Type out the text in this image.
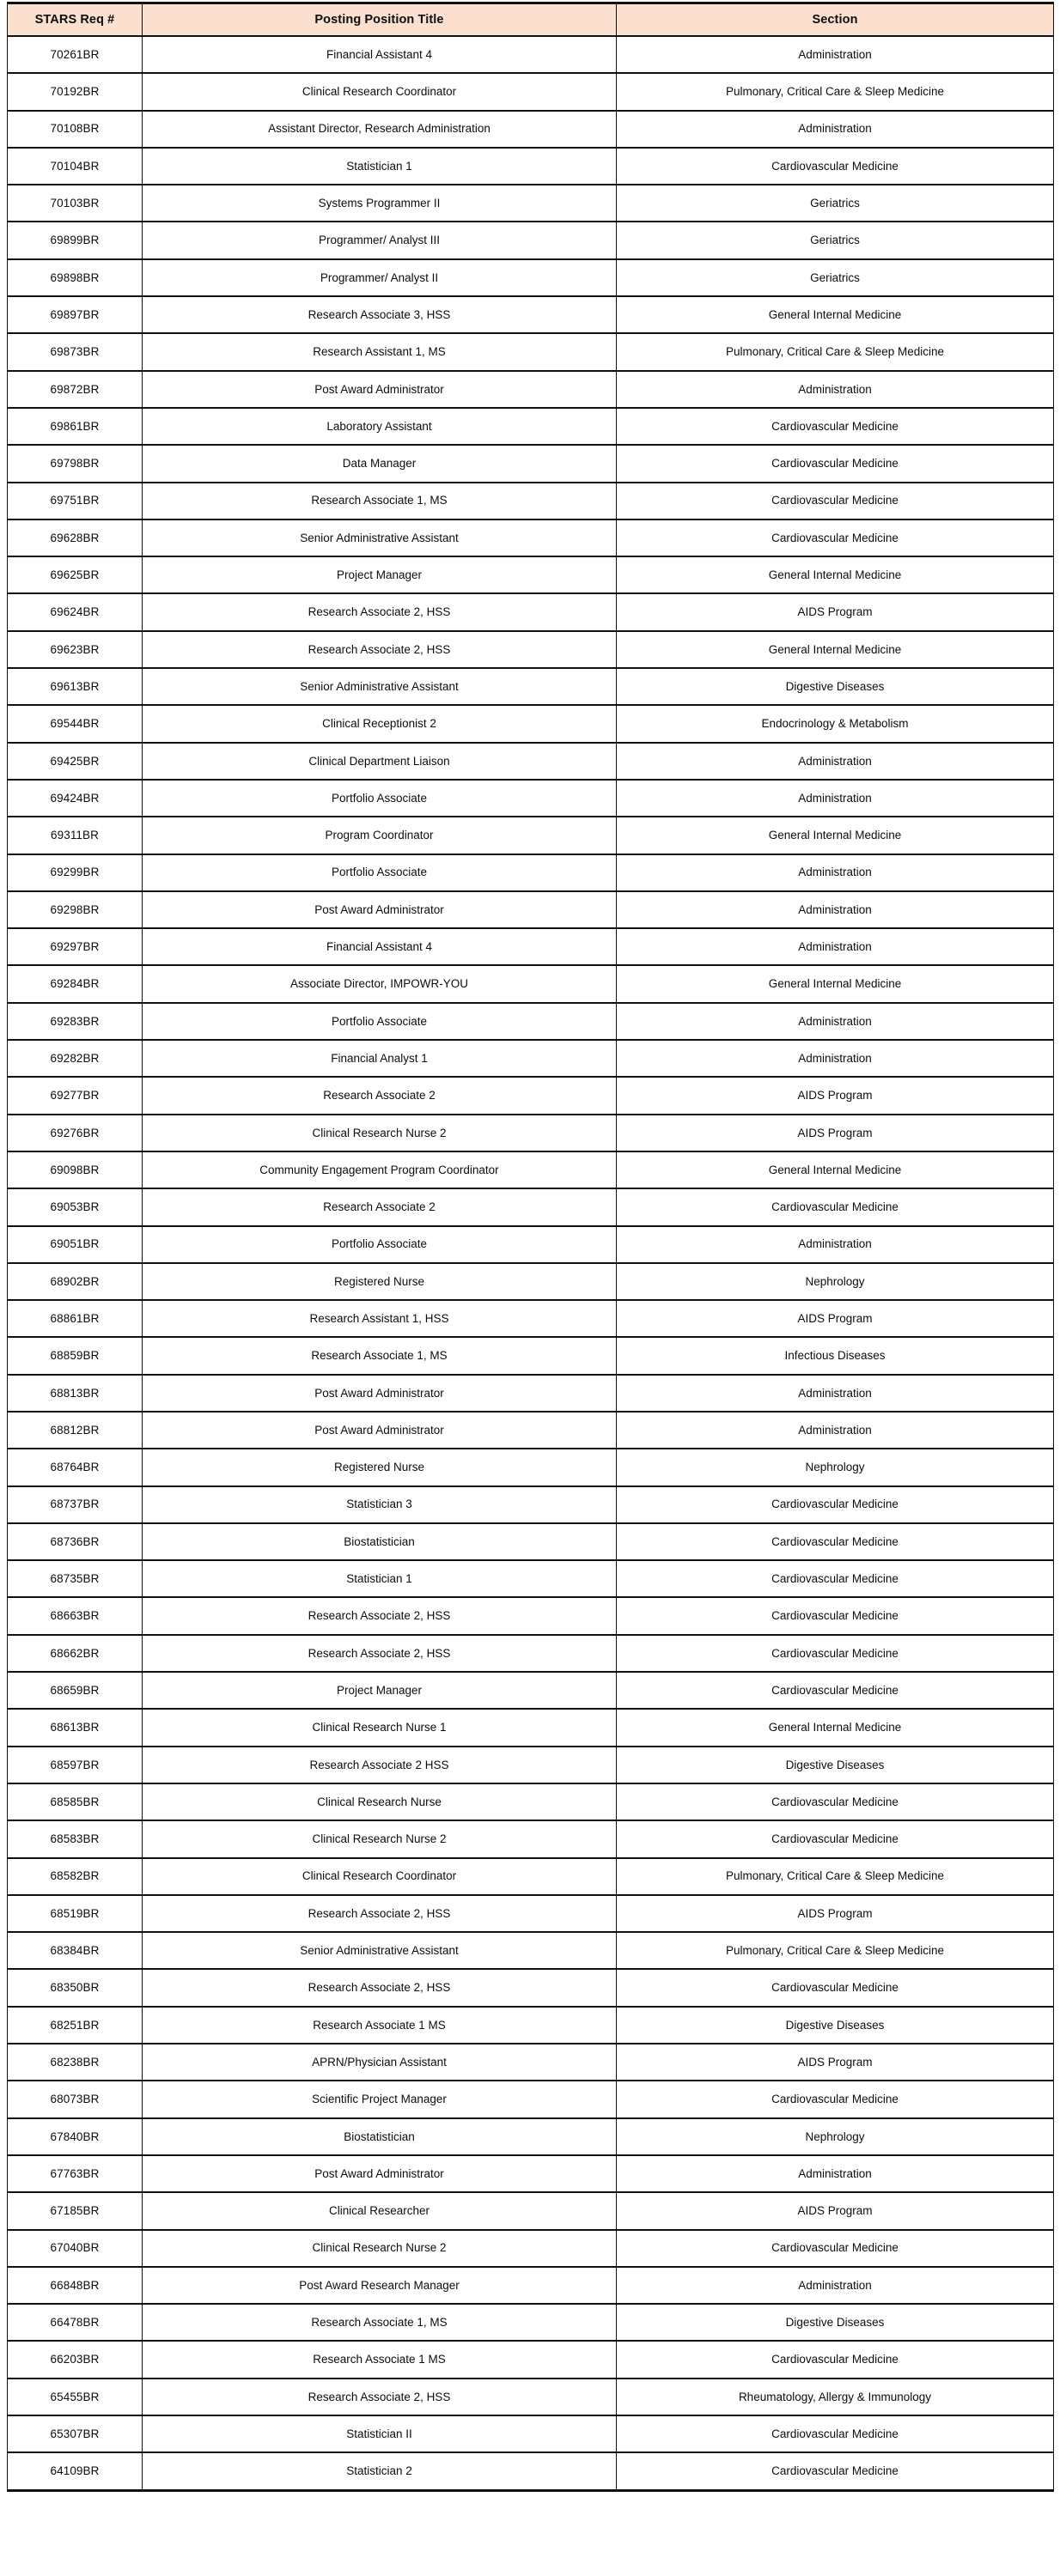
STARS Req #	Posting Position Title	Section
70261BR	Financial Assistant 4	Administration
70192BR	Clinical Research Coordinator	Pulmonary, Critical Care & Sleep Medicine
70108BR	Assistant Director, Research Administration	Administration
70104BR	Statistician 1	Cardiovascular Medicine
70103BR	Systems Programmer II	Geriatrics
69899BR	Programmer/ Analyst III	Geriatrics
69898BR	Programmer/ Analyst II	Geriatrics
69897BR	Research Associate 3, HSS	General Internal Medicine
69873BR	Research Assistant 1, MS	Pulmonary, Critical Care & Sleep Medicine
69872BR	Post Award Administrator	Administration
69861BR	Laboratory Assistant	Cardiovascular Medicine
69798BR	Data Manager	Cardiovascular Medicine
69751BR	Research Associate 1, MS	Cardiovascular Medicine
69628BR	Senior Administrative Assistant	Cardiovascular Medicine
69625BR	Project Manager	General Internal Medicine
69624BR	Research Associate 2, HSS	AIDS Program
69623BR	Research Associate 2, HSS	General Internal Medicine
69613BR	Senior Administrative Assistant	Digestive Diseases
69544BR	Clinical Receptionist 2	Endocrinology & Metabolism
69425BR	Clinical Department Liaison	Administration
69424BR	Portfolio Associate	Administration
69311BR	Program Coordinator	General Internal Medicine
69299BR	Portfolio Associate	Administration
69298BR	Post Award Administrator	Administration
69297BR	Financial Assistant 4	Administration
69284BR	Associate Director, IMPOWR-YOU	General Internal Medicine
69283BR	Portfolio Associate	Administration
69282BR	Financial Analyst 1	Administration
69277BR	Research Associate 2	AIDS Program
69276BR	Clinical Research Nurse 2	AIDS Program
69098BR	Community Engagement Program Coordinator	General Internal Medicine
69053BR	Research Associate 2	Cardiovascular Medicine
69051BR	Portfolio Associate	Administration
68902BR	Registered Nurse	Nephrology
68861BR	Research Assistant 1, HSS	AIDS Program
68859BR	Research Associate 1, MS	Infectious Diseases
68813BR	Post Award Administrator	Administration
68812BR	Post Award Administrator	Administration
68764BR	Registered Nurse	Nephrology
68737BR	Statistician 3	Cardiovascular Medicine
68736BR	Biostatistician	Cardiovascular Medicine
68735BR	Statistician 1	Cardiovascular Medicine
68663BR	Research Associate 2, HSS	Cardiovascular Medicine
68662BR	Research Associate 2, HSS	Cardiovascular Medicine
68659BR	Project Manager	Cardiovascular Medicine
68613BR	Clinical Research Nurse 1	General Internal Medicine
68597BR	Research Associate 2 HSS	Digestive Diseases
68585BR	Clinical Research Nurse	Cardiovascular Medicine
68583BR	Clinical Research Nurse 2	Cardiovascular Medicine
68582BR	Clinical Research Coordinator	Pulmonary, Critical Care & Sleep Medicine
68519BR	Research Associate 2, HSS	AIDS Program
68384BR	Senior Administrative Assistant	Pulmonary, Critical Care & Sleep Medicine
68350BR	Research Associate 2, HSS	Cardiovascular Medicine
68251BR	Research Associate 1 MS	Digestive Diseases
68238BR	APRN/Physician Assistant	AIDS Program
68073BR	Scientific Project Manager	Cardiovascular Medicine
67840BR	Biostatistician	Nephrology
67763BR	Post Award Administrator	Administration
67185BR	Clinical Researcher	AIDS Program
67040BR	Clinical Research Nurse 2	Cardiovascular Medicine
66848BR	Post Award Research Manager	Administration
66478BR	Research Associate 1, MS	Digestive Diseases
66203BR	Research Associate 1 MS	Cardiovascular Medicine
65455BR	Research Associate 2, HSS	Rheumatology, Allergy & Immunology
65307BR	Statistician II	Cardiovascular Medicine
64109BR	Statistician 2	Cardiovascular Medicine
